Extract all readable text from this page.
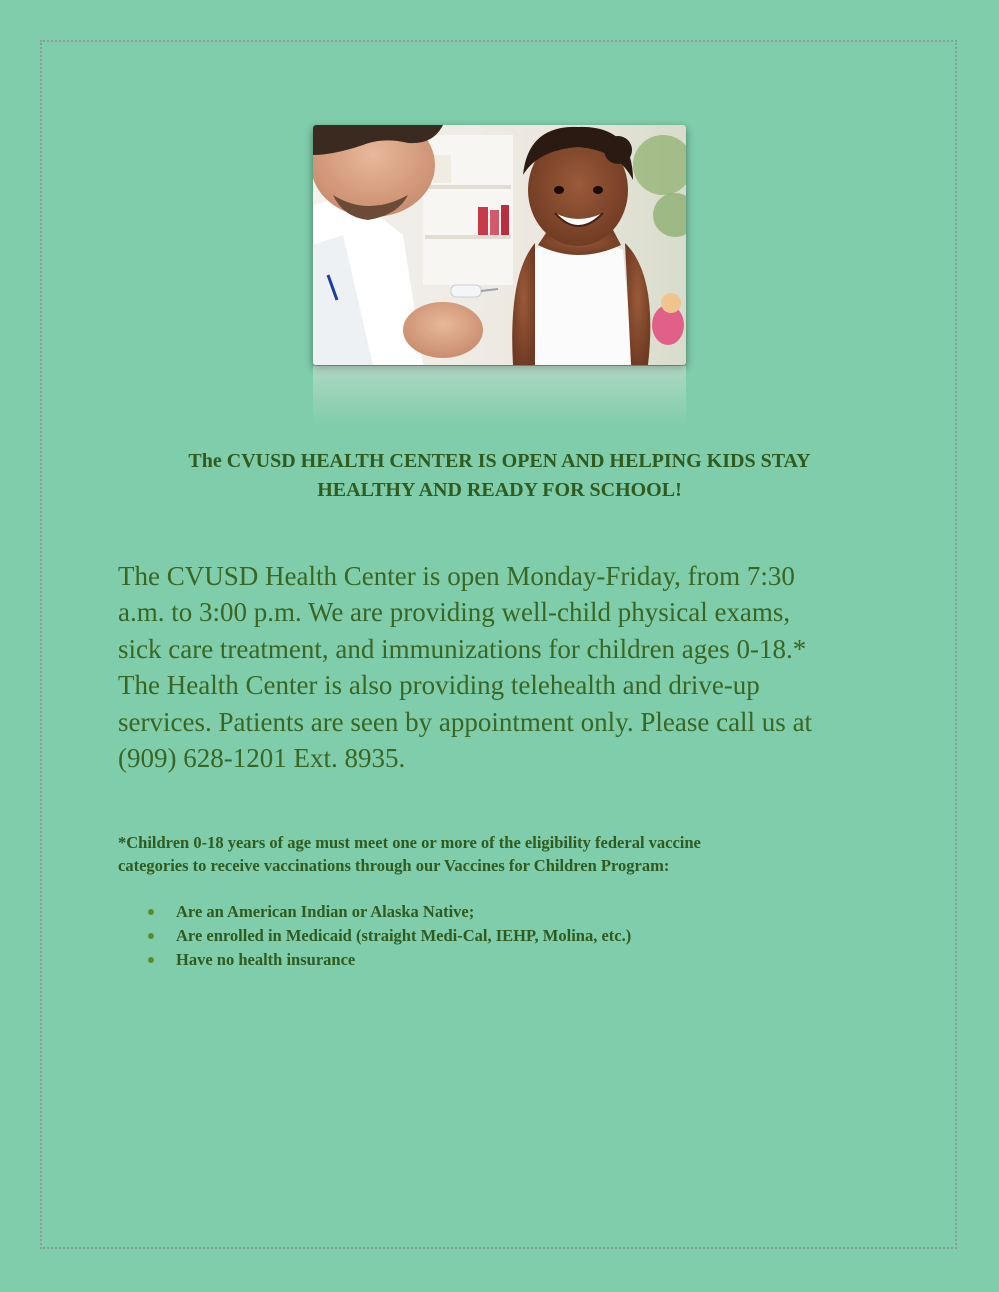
The CVUSD HEALTH CENTER IS OPEN AND HELPING KIDS STAY
HEALTHY AND READY FOR SCHOOL!
The CVUSD Health Center is open Monday-Friday, from 7:30
a.m. to 3:00 p.m. We are providing well-child physical exams,
sick care treatment, and immunizations for children ages 0-18.*
The Health Center is also providing telehealth and drive-up
services. Patients are seen by appointment only. Please call us at
(909) 628-1201 Ext. 8935.
*Children 0-18 years of age must meet one or more of the eligibility federal vaccine
categories to receive vaccinations through our Vaccines for Children Program:
Are an American Indian or Alaska Native;
Are enrolled in Medicaid (straight Medi-Cal, IEHP, Molina, etc.)
Have no health insurance
